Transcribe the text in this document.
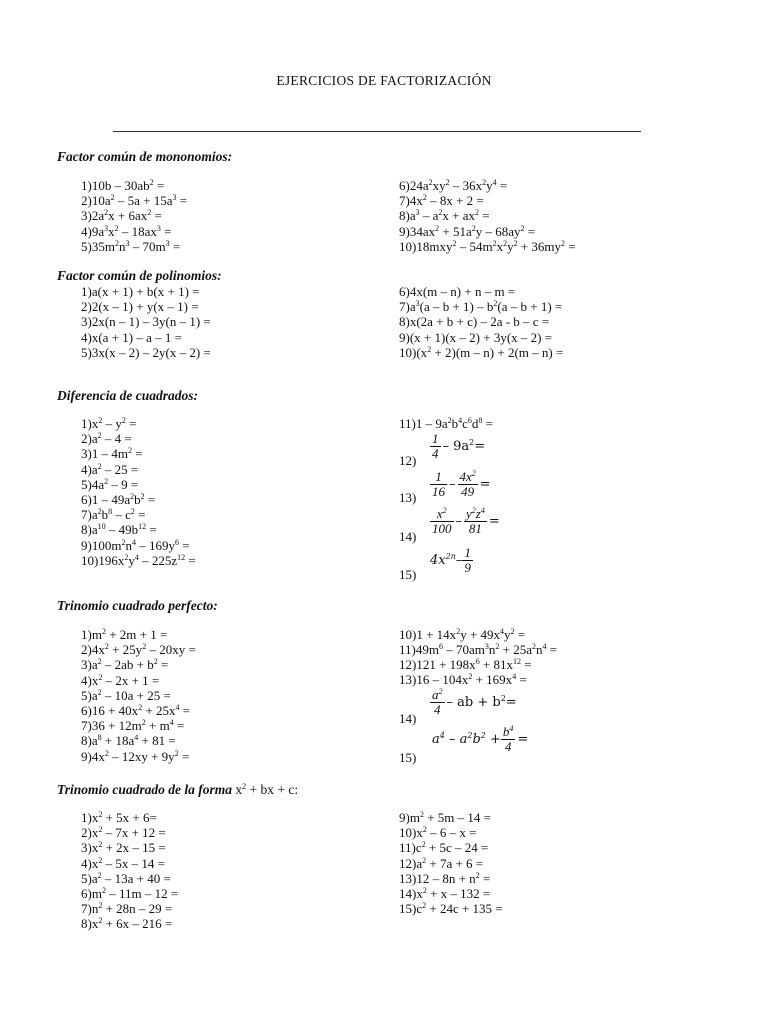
EJERCICIOS DE FACTORIZACIÓN
Factor común de mononomios:
Factor común de polinomios:
Diferencia de cuadrados:
$\frac{1}{4} - 9a^2=$
$\frac{1}{16} - \frac{4x^2}{49}$ =
$\frac{x^2}{100} - \frac{y^2z^4}{81}$ =
$4x^{2n}- \frac{1}{9}$
Trinomio cuadrado perfecto:
$\frac{a^2}{4}$ – ab + $b^2=$
$a^4 - a^2b^2 + \frac{b^4}{4}$ =
Trinomio cuadrado de la forma $x^2$ + bx + c:
$1)10b - 30ab^2$ =
$2)10a^2 - 5a + 15a^3$ =
$3)2a^2x + 6ax^2$ =
$4)9a^3x^2 - 18ax^3$ =
$5)35m^2n^3 - 70m^3$ =
$6)24a^2xy^2 - 36x^2y^4$ =
$7)4x^2 - 8x + 2$ =
$8)a^3 - a^2x + ax^2$ =
$9)34ax^2 + 51a^2y - 68ay^2$ =
$10)18mxy^2 - 54m^2x^2y^2 + 36my^2$ =
1)a(x + 1) + b(x + 1) =
2)2(x – 1) + y(x – 1) =
3)2x(n – 1) – 3y(n – 1) =
4)x(a + 1) – a – 1 =
5)3x(x – 2) – 2y(x – 2) =
6)4x(m – n) + n – m =
$7)a^3(a - b + 1) - b^2(a - b + 1)$ =
8)x(2a + b + c) – 2a - b – c =
9)(x + 1)(x – 2) + 3y(x – 2) =
$10)(x^2 + 2)(m - n) + 2(m - n)$ =
$1)x^2 - y^2$ =
$2)a^2 - 4$ =
$3)1 - 4m^2$ =
$4)a^2 - 25$ =
$5)4a^2 - 9$ =
$6)1 - 49a^2b^2$ =
$7)a^2b^8 - c^2$ =
$8)a^{10} - 49b^{12}$ =
$9)100m^2n^4 - 169y^6$ =
$10)196x^2y^4 - 225z^{12}$ =
$11)1 - 9a^2b^4c^6d^8$ =
12)
13)
14)
15)
$1)m^2 + 2m + 1$ =
$2)4x^2 + 25y^2 - 20xy$ =
$3)a^2 - 2ab + b^2$ =
$4)x^2 - 2x + 1$ =
$5)a^2 - 10a + 25$ =
$6)16 + 40x^2 + 25x^4$ =
$7)36 + 12m^2 + m^4$ =
$8)a^8 + 18a^4 + 81$ =
$9)4x^2 - 12xy + 9y^2$ =
$10)1 + 14x^2y + 49x^4y^2$ =
$11)49m^6 - 70am^3n^2 + 25a^2n^4$ =
$12)121 + 198x^6 + 81x^{12}$ =
$13)16 - 104x^2 + 169x^4$ =
14)
15)
$1)x^2 + 5x + 6=$
$2)x^2 - 7x + 12$ =
$3)x^2 + 2x - 15$ =
$4)x^2 - 5x - 14$ =
$5)a^2 - 13a + 40$ =
$6)m^2 - 11m - 12$ =
$7)n^2 + 28n - 29$ =
$8)x^2 + 6x - 216$ =
$9)m^2 + 5m - 14$ =
$10)x^2 - 6$ – x =
$11)c^2 + 5c - 24$ =
$12)a^2 + 7a + 6$ =
$13)12 - 8n + n^2$ =
$14)x^2 + x - 132$ =
$15)c^2 + 24c + 135$ =
